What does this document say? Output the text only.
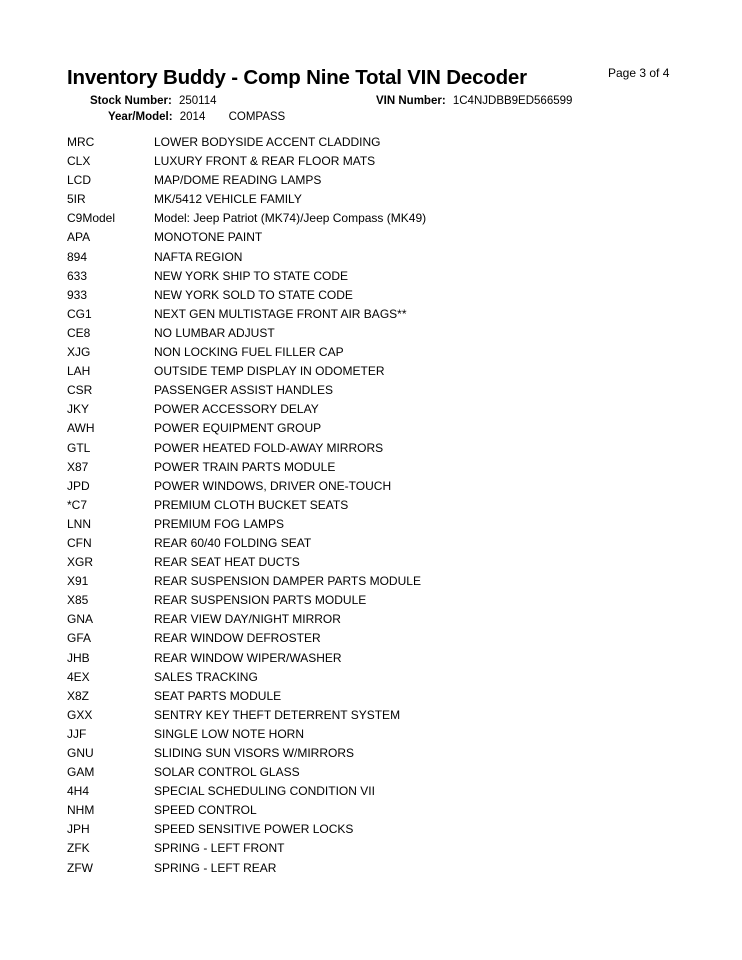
Inventory Buddy - Comp Nine Total VIN Decoder	Page 3 of 4
Stock Number: 250114	VIN Number: 1C4NJDBB9ED566599
Year/Model: 2014 COMPASS
MRC	LOWER BODYSIDE ACCENT CLADDING
CLX	LUXURY FRONT & REAR FLOOR MATS
LCD	MAP/DOME READING LAMPS
5IR	MK/5412 VEHICLE FAMILY
C9Model	Model: Jeep Patriot (MK74)/Jeep Compass (MK49)
APA	MONOTONE PAINT
894	NAFTA REGION
633	NEW YORK SHIP TO STATE CODE
933	NEW YORK SOLD TO STATE CODE
CG1	NEXT GEN MULTISTAGE FRONT AIR BAGS**
CE8	NO LUMBAR ADJUST
XJG	NON LOCKING FUEL FILLER CAP
LAH	OUTSIDE TEMP DISPLAY IN ODOMETER
CSR	PASSENGER ASSIST HANDLES
JKY	POWER ACCESSORY DELAY
AWH	POWER EQUIPMENT GROUP
GTL	POWER HEATED FOLD-AWAY MIRRORS
X87	POWER TRAIN PARTS MODULE
JPD	POWER WINDOWS, DRIVER ONE-TOUCH
*C7	PREMIUM CLOTH BUCKET SEATS
LNN	PREMIUM FOG LAMPS
CFN	REAR 60/40 FOLDING SEAT
XGR	REAR SEAT HEAT DUCTS
X91	REAR SUSPENSION DAMPER PARTS MODULE
X85	REAR SUSPENSION PARTS MODULE
GNA	REAR VIEW DAY/NIGHT MIRROR
GFA	REAR WINDOW DEFROSTER
JHB	REAR WINDOW WIPER/WASHER
4EX	SALES TRACKING
X8Z	SEAT PARTS MODULE
GXX	SENTRY KEY THEFT DETERRENT SYSTEM
JJF	SINGLE LOW NOTE HORN
GNU	SLIDING SUN VISORS W/MIRRORS
GAM	SOLAR CONTROL GLASS
4H4	SPECIAL SCHEDULING CONDITION VII
NHM	SPEED CONTROL
JPH	SPEED SENSITIVE POWER LOCKS
ZFK	SPRING - LEFT FRONT
ZFW	SPRING - LEFT REAR
